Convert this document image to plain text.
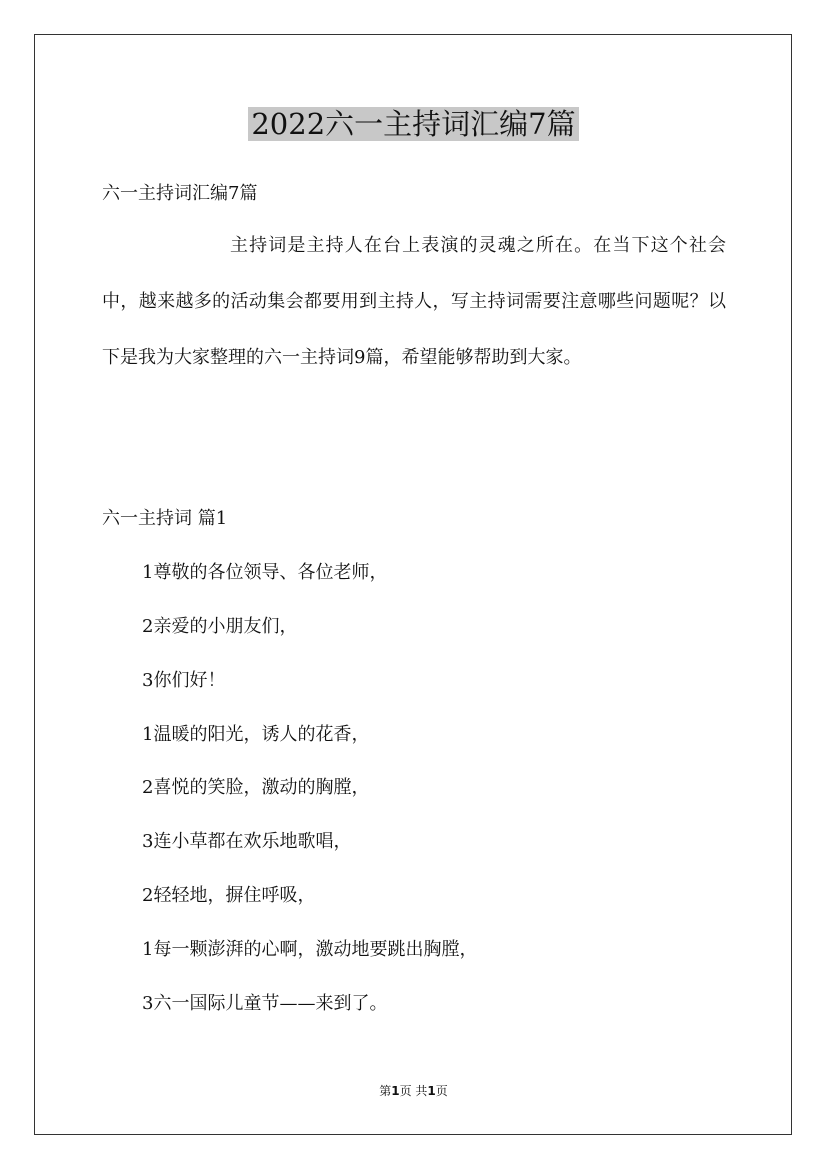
2022六一主持词汇编7篇
六一主持词汇编7篇
主持词是主持人在台上表演的灵魂之所在。在当下这个社会中，越来越多的活动集会都要用到主持人，写主持词需要注意哪些问题呢？以下是我为大家整理的六一主持词9篇，希望能够帮助到大家。
六一主持词 篇1
1尊敬的各位领导、各位老师，
2亲爱的小朋友们，
3你们好！
1温暖的阳光，诱人的花香，
2喜悦的笑脸，激动的胸膛，
3连小草都在欢乐地歌唱，
2轻轻地，摒住呼吸，
1每一颗澎湃的心啊，激动地要跳出胸膛，
3六一国际儿童节——来到了。
第1页 共1页
